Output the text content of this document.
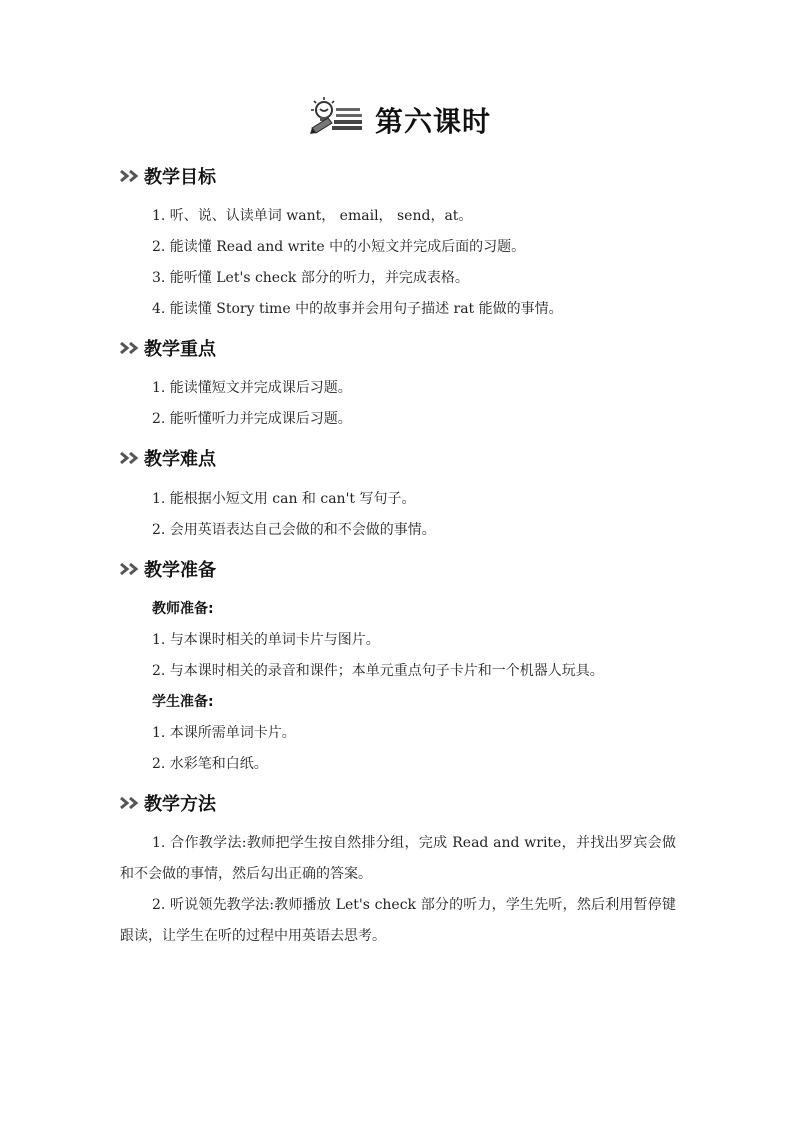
第六课时
教学目标
1. 听、说、认读单词 want， email， send，at。
2. 能读懂 Read and write 中的小短文并完成后面的习题。
3. 能听懂 Let's check 部分的听力，并完成表格。
4. 能读懂 Story time 中的故事并会用句子描述 rat 能做的事情。
教学重点
1. 能读懂短文并完成课后习题。
2. 能听懂听力并完成课后习题。
教学难点
1. 能根据小短文用 can 和 can't 写句子。
2. 会用英语表达自己会做的和不会做的事情。
教学准备
教师准备:
1. 与本课时相关的单词卡片与图片。
2. 与本课时相关的录音和课件；本单元重点句子卡片和一个机器人玩具。
学生准备:
1. 本课所需单词卡片。
2. 水彩笔和白纸。
教学方法
1. 合作教学法:教师把学生按自然排分组，完成 Read and write，并找出罗宾会做和不会做的事情，然后勾出正确的答案。
2. 听说领先教学法:教师播放 Let's check 部分的听力，学生先听，然后利用暂停键跟读，让学生在听的过程中用英语去思考。
